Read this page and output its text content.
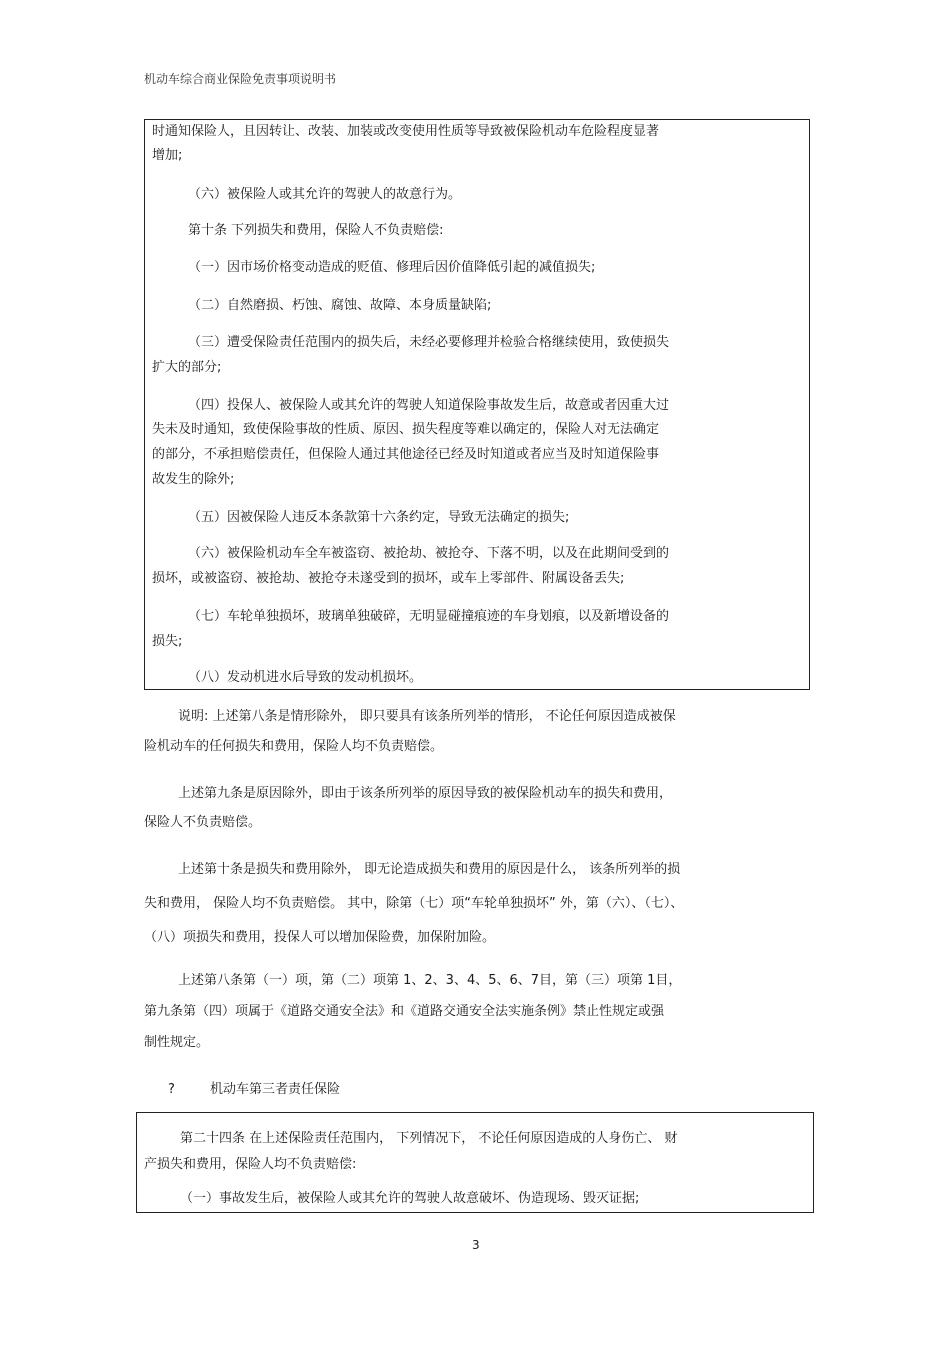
机动车综合商业保险免责事项说明书

时通知保险人，且因转让、改装、加装或改变使用性质等导致被保险机动车危险程度显著

增加;

（六）被保险人或其允许的驾驶人的故意行为。

第十条 下列损失和费用，保险人不负责赔偿:

（一）因市场价格变动造成的贬值、修理后因价值降低引起的减值损失;

（二）自然磨损、朽蚀、腐蚀、故障、本身质量缺陷;

（三）遭受保险责任范围内的损失后，未经必要修理并检验合格继续使用，致使损失

扩大的部分;

（四）投保人、被保险人或其允许的驾驶人知道保险事故发生后，故意或者因重大过

失未及时通知，致使保险事故的性质、原因、损失程度等难以确定的，保险人对无法确定

的部分，不承担赔偿责任，但保险人通过其他途径已经及时知道或者应当及时知道保险事

故发生的除外;

（五）因被保险人违反本条款第十六条约定，导致无法确定的损失;

（六）被保险机动车全车被盗窃、被抢劫、被抢夺、下落不明，以及在此期间受到的

损坏，或被盗窃、被抢劫、被抢夺未遂受到的损坏，或车上零部件、附属设备丢失;

（七）车轮单独损坏，玻璃单独破碎，无明显碰撞痕迹的车身划痕，以及新增设备的

损失;

（八）发动机进水后导致的发动机损坏。

说明: 上述第八条是情形除外， 即只要具有该条所列举的情形， 不论任何原因造成被保

险机动车的任何损失和费用，保险人均不负责赔偿。

上述第九条是原因除外，即由于该条所列举的原因导致的被保险机动车的损失和费用，

保险人不负责赔偿。

上述第十条是损失和费用除外， 即无论造成损失和费用的原因是什么， 该条所列举的损

失和费用， 保险人均不负责赔偿。 其中，除第（七）项“车轮单独损坏” 外，第（六）、（七）、

（八）项损失和费用，投保人可以增加保险费，加保附加险。

上述第八条第（一）项，第（二）项第 1、2、3、4、5、6、7目，第（三）项第 1目，

第九条第（四）项属于《道路交通安全法》和《道路交通安全法实施条例》禁止性规定或强

制性规定。

?	机动车第三者责任保险

第二十四条 在上述保险责任范围内， 下列情况下， 不论任何原因造成的人身伤亡、 财

产损失和费用，保险人均不负责赔偿:

（一）事故发生后，被保险人或其允许的驾驶人故意破坏、伪造现场、毁灭证据;

3
